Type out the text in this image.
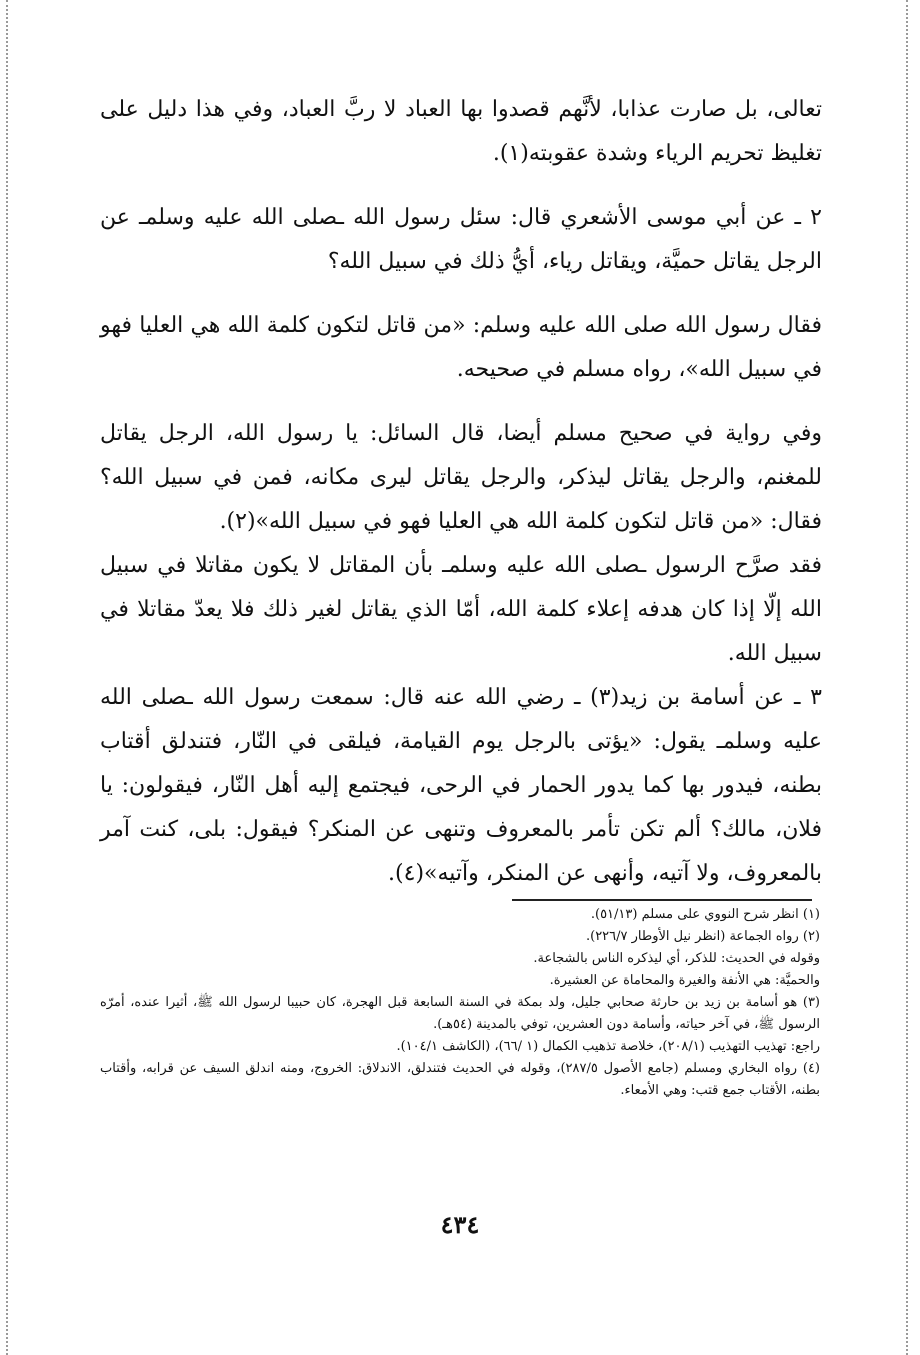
تعالى، بل صارت عذابا، لأنَّهم قصدوا بها العباد لا ربَّ العباد، وفي هذا دليل على تغليظ تحريم الرياء وشدة عقوبته(١).

٢ ـ عن أبي موسى الأشعري قال: سئل رسول الله ـصلى الله عليه وسلمـ عن الرجل يقاتل حميَّة، ويقاتل رياء، أيُّ ذلك في سبيل الله؟

فقال رسول الله صلى الله عليه وسلم: «من قاتل لتكون كلمة الله هي العليا فهو في سبيل الله»، رواه مسلم في صحيحه.

وفي رواية في صحيح مسلم أيضا، قال السائل: يا رسول الله، الرجل يقاتل للمغنم، والرجل يقاتل ليذكر، والرجل يقاتل ليرى مكانه، فمن في سبيل الله؟ فقال: «من قاتل لتكون كلمة الله هي العليا فهو في سبيل الله»(٢).

فقد صرَّح الرسول ـصلى الله عليه وسلمـ بأن المقاتل لا يكون مقاتلا في سبيل الله إلّا إذا كان هدفه إعلاء كلمة الله، أمّا الذي يقاتل لغير ذلك فلا يعدّ مقاتلا في سبيل الله.

٣ ـ عن أسامة بن زيد(٣) ـ رضي الله عنه قال: سمعت رسول الله ـصلى الله عليه وسلمـ يقول: «يؤتى بالرجل يوم القيامة، فيلقى في النّار، فتندلق أقتاب بطنه، فيدور بها كما يدور الحمار في الرحى، فيجتمع إليه أهل النّار، فيقولون: يا فلان، مالك؟ ألم تكن تأمر بالمعروف وتنهى عن المنكر؟ فيقول: بلى، كنت آمر بالمعروف، ولا آتيه، وأنهى عن المنكر، وآتيه»(٤).

(١) انظر شرح النووي على مسلم (٥١/١٣).

(٢) رواه الجماعة (انظر نيل الأوطار ٢٢٦/٧).

وقوله في الحديث: للذكر، أي ليذكره الناس بالشجاعة.

والحميَّة: هي الأنفة والغيرة والمحاماة عن العشيرة.

(٣) هو أسامة بن زيد بن حارثة صحابي جليل، ولد بمكة في السنة السابعة قبل الهجرة، كان حبيبا لرسول الله ﷺ، أثيرا عنده، أمرّه الرسول ﷺ، في آخر حياته، وأسامة دون العشرين، توفي بالمدينة (٥٤هـ).

راجع: تهذيب التهذيب (٢٠٨/١)، خلاصة تذهيب الكمال (١ /٦٦)، (الكاشف ١٠٤/١).

(٤) رواه البخاري ومسلم (جامع الأصول ٢٨٧/٥)، وقوله في الحديث فتندلق، الاندلاق: الخروج، ومنه اندلق السيف عن قرابه، وأقتاب بطنه، الأقتاب جمع قتب: وهي الأمعاء.

٤٣٤
